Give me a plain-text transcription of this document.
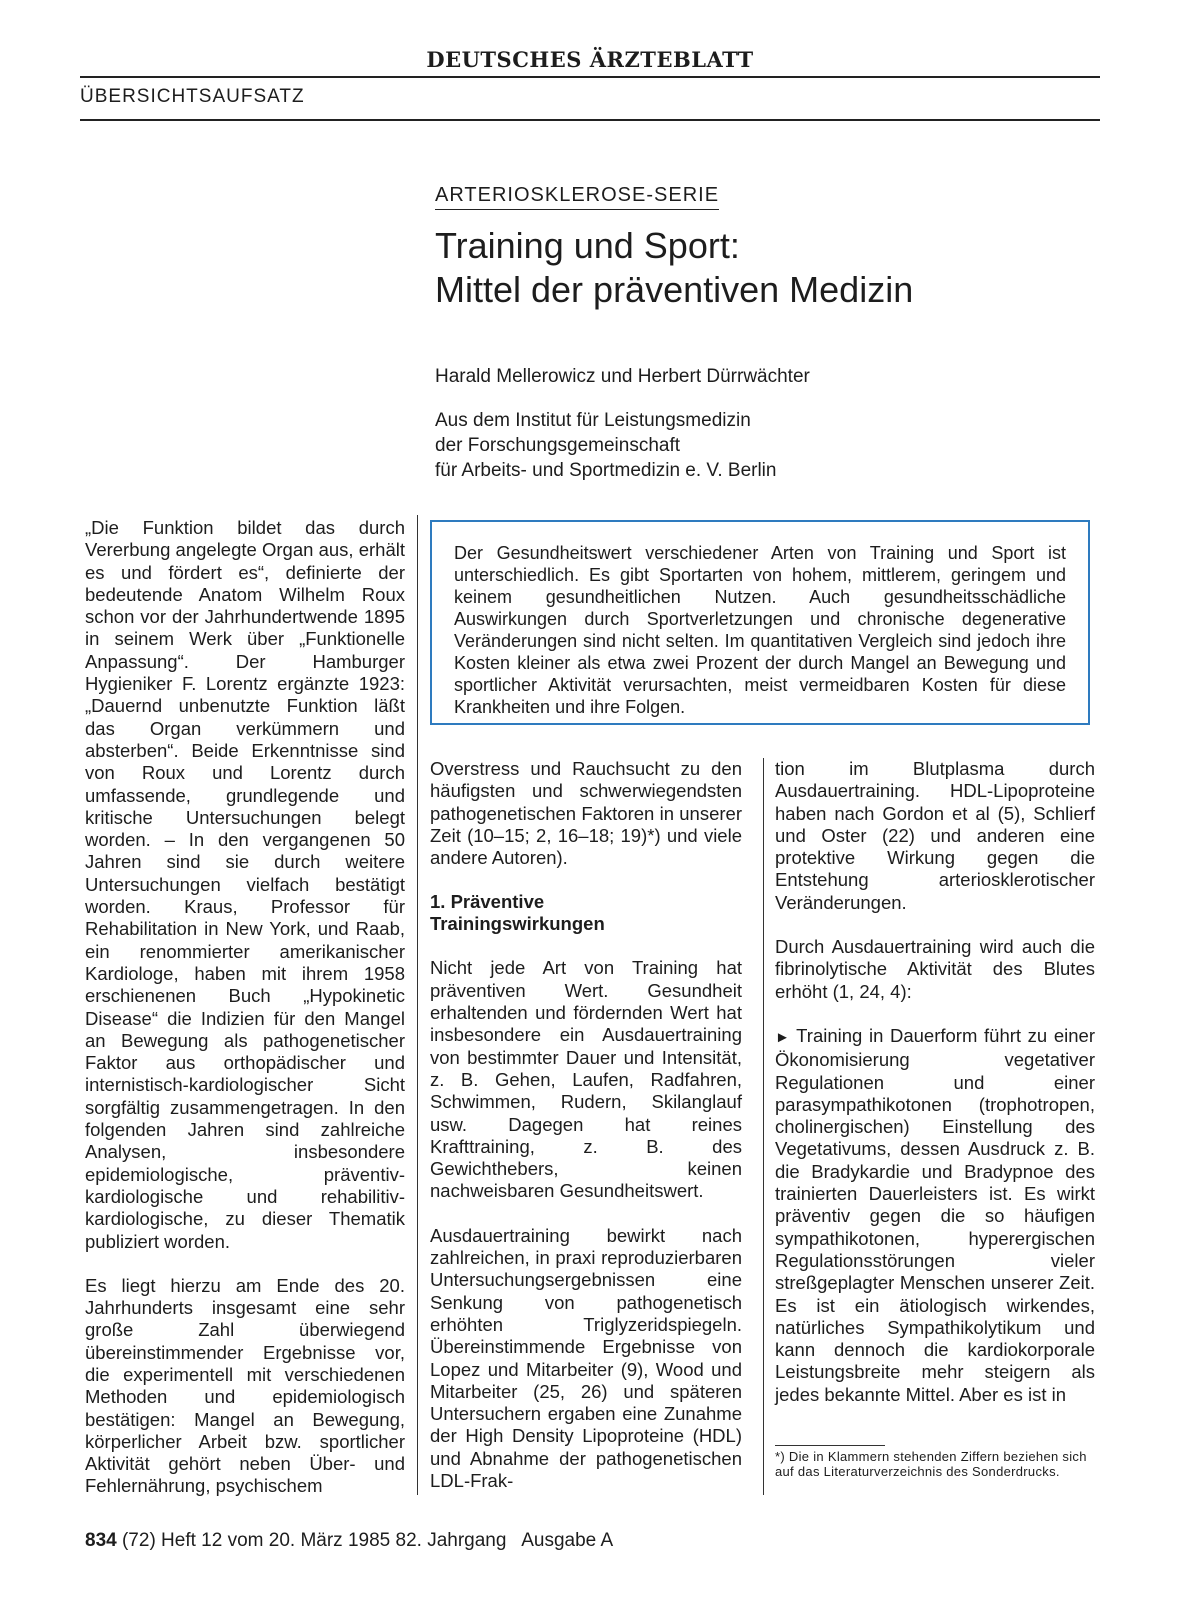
DEUTSCHES ÄRZTEBLATT
ÜBERSICHTSAUFSATZ
ARTERIOSKLEROSE-SERIE
Training und Sport:
Mittel der präventiven Medizin
Harald Mellerowicz und Herbert Dürrwächter
Aus dem Institut für Leistungsmedizin
der Forschungsgemeinschaft
für Arbeits- und Sportmedizin e. V. Berlin
Der Gesundheitswert verschiedener Arten von Training und Sport ist unterschiedlich. Es gibt Sportarten von hohem, mittlerem, geringem und keinem gesundheitlichen Nutzen. Auch gesundheitsschädliche Auswirkungen durch Sportverletzungen und chronische degenerative Veränderungen sind nicht selten. Im quantitativen Vergleich sind jedoch ihre Kosten kleiner als etwa zwei Prozent der durch Mangel an Bewegung und sportlicher Aktivität verursachten, meist vermeidbaren Kosten für diese Krankheiten und ihre Folgen.

„Die Funktion bildet das durch Vererbung angelegte Organ aus, erhält es und fördert es“, definierte der bedeutende Anatom Wilhelm Roux schon vor der Jahrhundertwende 1895 in seinem Werk über „Funktionelle Anpassung“. Der Hamburger Hygieniker F. Lorentz ergänzte 1923: „Dauernd unbenutzte Funktion läßt das Organ verkümmern und absterben“. Beide Erkenntnisse sind von Roux und Lorentz durch umfassende, grundlegende und kritische Untersuchungen belegt worden. – In den vergangenen 50 Jahren sind sie durch weitere Untersuchungen vielfach bestätigt worden. Kraus, Professor für Rehabilitation in New York, und Raab, ein renommierter amerikanischer Kardiologe, haben mit ihrem 1958 erschienenen Buch „Hypokinetic Disease“ die Indizien für den Mangel an Bewegung als pathogenetischer Faktor aus orthopädischer und internistisch-kardiologischer Sicht sorgfältig zusammengetragen. In den folgenden Jahren sind zahlreiche Analysen, insbesondere epidemiologische, präventiv-kardiologische und rehabilitiv-kardiologische, zu dieser Thematik publiziert worden.

Es liegt hierzu am Ende des 20. Jahrhunderts insgesamt eine sehr große Zahl überwiegend übereinstimmender Ergebnisse vor, die experimentell mit verschiedenen Methoden und epidemiologisch bestätigen: Mangel an Bewegung, körperlicher Arbeit bzw. sportlicher Aktivität gehört neben Über- und Fehlernährung, psychischem

Overstress und Rauchsucht zu den häufigsten und schwerwiegendsten pathogenetischen Faktoren in unserer Zeit (10–15; 2, 16–18; 19)*) und viele andere Autoren).

1. Präventive
Trainingswirkungen

Nicht jede Art von Training hat präventiven Wert. Gesundheit erhaltenden und fördernden Wert hat insbesondere ein Ausdauertraining von bestimmter Dauer und Intensität, z. B. Gehen, Laufen, Radfahren, Schwimmen, Rudern, Skilanglauf usw. Dagegen hat reines Krafttraining, z. B. des Gewichthebers, keinen nachweisbaren Gesundheitswert.

Ausdauertraining bewirkt nach zahlreichen, in praxi reproduzierbaren Untersuchungsergebnissen eine Senkung von pathogenetisch erhöhten Triglyzeridspiegeln. Übereinstimmende Ergebnisse von Lopez und Mitarbeiter (9), Wood und Mitarbeiter (25, 26) und späteren Untersuchern ergaben eine Zunahme der High Density Lipoproteine (HDL) und Abnahme der pathogenetischen LDL-Frak-

tion im Blutplasma durch Ausdauertraining. HDL-Lipoproteine haben nach Gordon et al (5), Schlierf und Oster (22) und anderen eine protektive Wirkung gegen die Entstehung arteriosklerotischer Veränderungen.

Durch Ausdauertraining wird auch die fibrinolytische Aktivität des Blutes erhöht (1, 24, 4):

► Training in Dauerform führt zu einer Ökonomisierung vegetativer Regulationen und einer parasympathikotonen (trophotropen, cholinergischen) Einstellung des Vegetativums, dessen Ausdruck z. B. die Bradykardie und Bradypnoe des trainierten Dauerleisters ist. Es wirkt präventiv gegen die so häufigen sympathikotonen, hyperergischen Regulationsstörungen vieler streßgeplagter Menschen unserer Zeit. Es ist ein ätiologisch wirkendes, natürliches Sympathikolytikum und kann dennoch die kardiokorporale Leistungsbreite mehr steigern als jedes bekannte Mittel. Aber es ist in

*) Die in Klammern stehenden Ziffern beziehen sich auf das Literaturverzeichnis des Sonderdrucks.
834 (72) Heft 12 vom 20. März 1985 82. Jahrgang   Ausgabe A
